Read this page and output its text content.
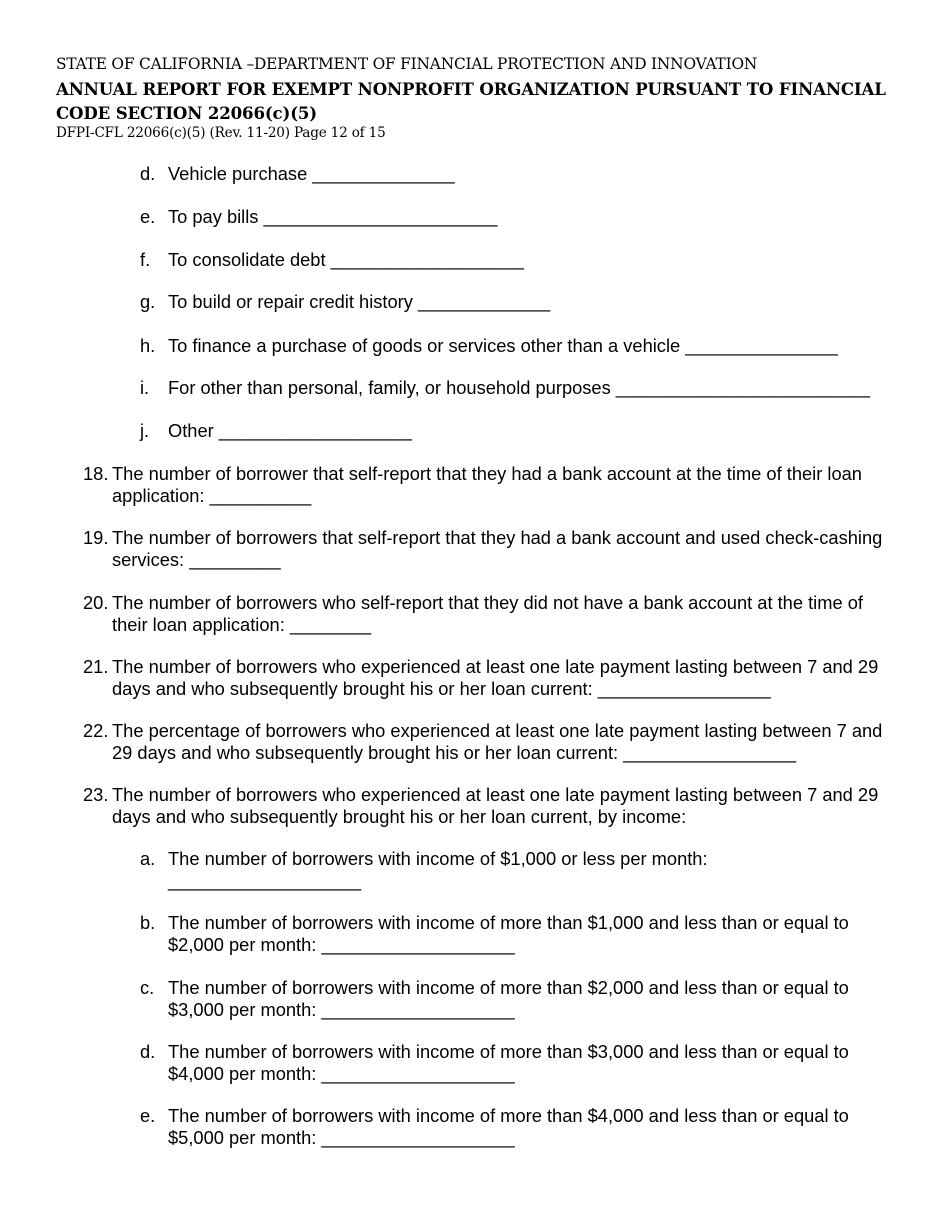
STATE OF CALIFORNIA –DEPARTMENT OF FINANCIAL PROTECTION AND INNOVATION
ANNUAL REPORT FOR EXEMPT NONPROFIT ORGANIZATION PURSUANT TO FINANCIAL CODE SECTION 22066(c)(5)
DFPI-CFL 22066(c)(5) (Rev. 11-20) Page 12 of 15
d. Vehicle purchase ______________
e. To pay bills _______________________
f. To consolidate debt ___________________
g. To build or repair credit history _____________
h. To finance a purchase of goods or services other than a vehicle _______________
i. For other than personal, family, or household purposes _________________________
j. Other ___________________
18. The number of borrower that self-report that they had a bank account at the time of their loan application: __________
19. The number of borrowers that self-report that they had a bank account and used check-cashing services: _________
20. The number of borrowers who self-report that they did not have a bank account at the time of their loan application: ________
21. The number of borrowers who experienced at least one late payment lasting between 7 and 29 days and who subsequently brought his or her loan current: _________________
22. The percentage of borrowers who experienced at least one late payment lasting between 7 and 29 days and who subsequently brought his or her loan current: _________________
23. The number of borrowers who experienced at least one late payment lasting between 7 and 29 days and who subsequently brought his or her loan current, by income:
a. The number of borrowers with income of $1,000 or less per month: ___________________
b. The number of borrowers with income of more than $1,000 and less than or equal to $2,000 per month: ___________________
c. The number of borrowers with income of more than $2,000 and less than or equal to $3,000 per month: ___________________
d. The number of borrowers with income of more than $3,000 and less than or equal to $4,000 per month: ___________________
e. The number of borrowers with income of more than $4,000 and less than or equal to $5,000 per month: ___________________
